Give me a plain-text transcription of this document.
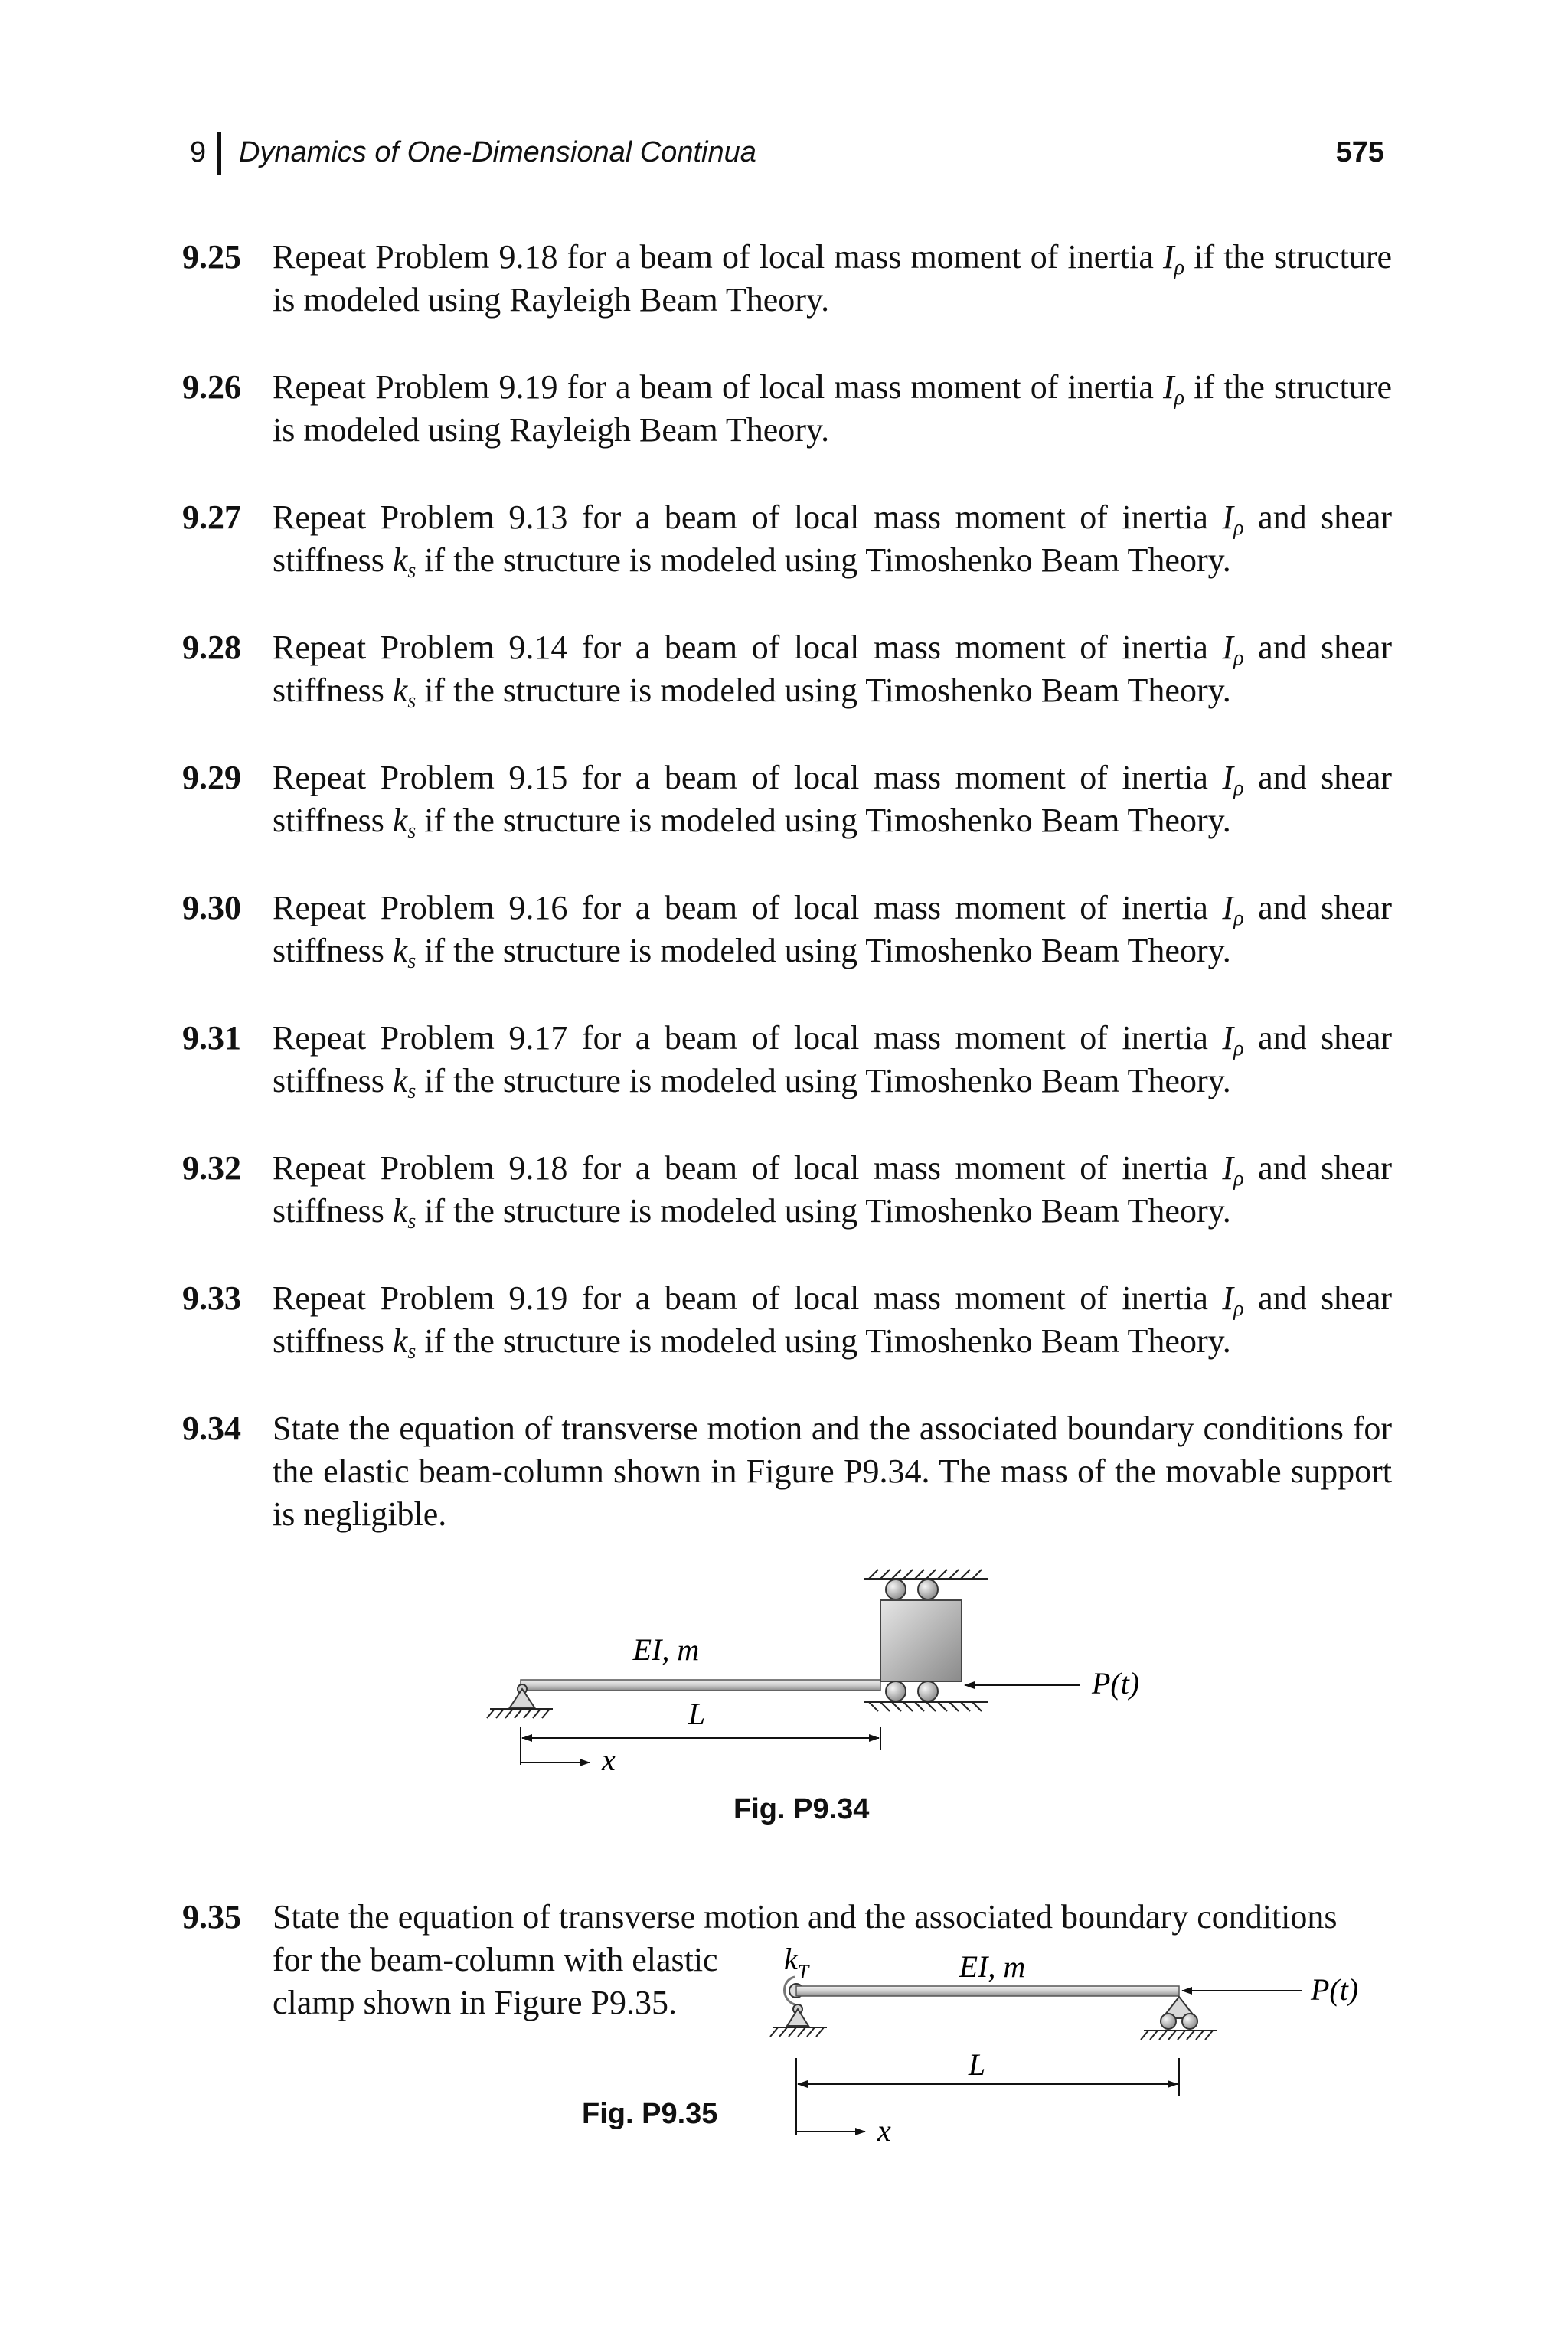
9 Dynamics of One-Dimensional Continua	575
9.25 Repeat Problem 9.18 for a beam of local mass moment of inertia $I_\rho$ if the structure is modeled using Rayleigh Beam Theory.
9.26 Repeat Problem 9.19 for a beam of local mass moment of inertia $I_\rho$ if the structure is modeled using Rayleigh Beam Theory.
9.27 Repeat Problem 9.13 for a beam of local mass moment of inertia $I_\rho$ and shear stiffness $k_s$ if the structure is modeled using Timoshenko Beam Theory.
9.28 Repeat Problem 9.14 for a beam of local mass moment of inertia $I_\rho$ and shear stiffness $k_s$ if the structure is modeled using Timoshenko Beam Theory.
9.29 Repeat Problem 9.15 for a beam of local mass moment of inertia $I_\rho$ and shear stiffness $k_s$ if the structure is modeled using Timoshenko Beam Theory.
9.30 Repeat Problem 9.16 for a beam of local mass moment of inertia $I_\rho$ and shear stiffness $k_s$ if the structure is modeled using Timoshenko Beam Theory.
9.31 Repeat Problem 9.17 for a beam of local mass moment of inertia $I_\rho$ and shear stiffness $k_s$ if the structure is modeled using Timoshenko Beam Theory.
9.32 Repeat Problem 9.18 for a beam of local mass moment of inertia $I_\rho$ and shear stiffness $k_s$ if the structure is modeled using Timoshenko Beam Theory.
9.33 Repeat Problem 9.19 for a beam of local mass moment of inertia $I_\rho$ and shear stiffness $k_s$ if the structure is modeled using Timoshenko Beam Theory.
9.34 State the equation of transverse motion and the associated boundary conditions for the elastic beam-column shown in Figure P9.34. The mass of the movable support is negligible.
EI, m
P(t)
L
x
Fig. P9.34
9.35 State the equation of transverse motion and the associated boundary conditions
for the beam-column with elastic
clamp shown in Figure P9.35.
$k_T$	EI, m
P(t)
L
x
Fig. P9.35
